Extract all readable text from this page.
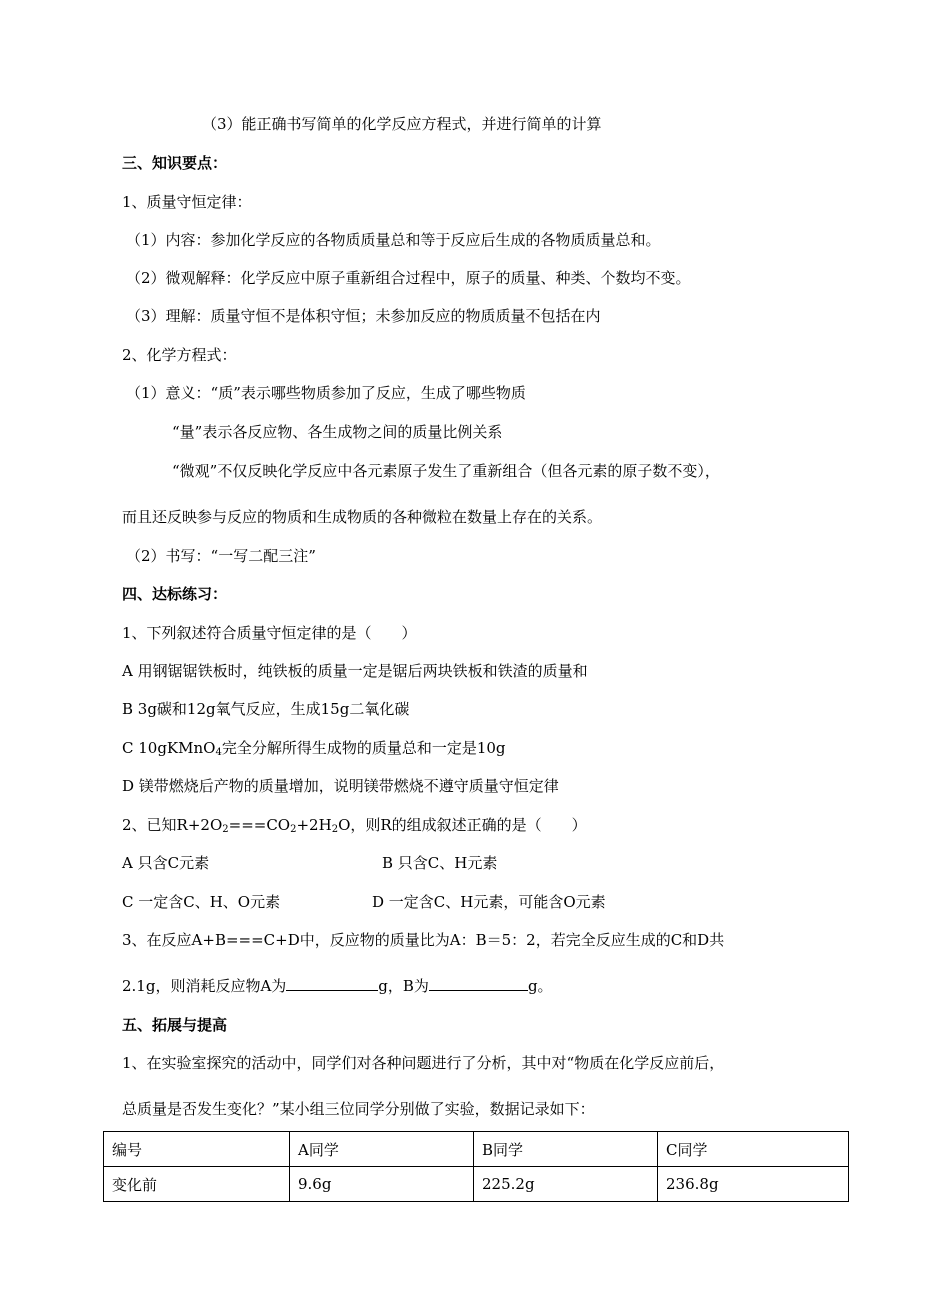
（3）能正确书写简单的化学反应方程式，并进行简单的计算

三、知识要点：

1、质量守恒定律：

（1）内容：参加化学反应的各物质质量总和等于反应后生成的各物质质量总和。

（2）微观解释：化学反应中原子重新组合过程中，原子的质量、种类、个数均不变。

（3）理解：质量守恒不是体积守恒；未参加反应的物质质量不包括在内

2、化学方程式：

（1）意义：“质”表示哪些物质参加了反应，生成了哪些物质

“量”表示各反应物、各生成物之间的质量比例关系

“微观”不仅反映化学反应中各元素原子发生了重新组合（但各元素的原子数不变），

而且还反映参与反应的物质和生成物质的各种微粒在数量上存在的关系。

（2）书写：“一写二配三注”

四、达标练习：

1、下列叙述符合质量守恒定律的是（　　）

A 用钢锯锯铁板时，纯铁板的质量一定是锯后两块铁板和铁渣的质量和

B 3g碳和12g氧气反应，生成15g二氧化碳

C 10gKMnO$_4$完全分解所得生成物的质量总和一定是10g

D 镁带燃烧后产物的质量增加，说明镁带燃烧不遵守质量守恒定律

2、已知$R+2O_2===CO_2+2H_2O$，则R的组成叙述正确的是（　　）

A 只含C元素	B 只含C、H元素

C 一定含C、H、O元素	D 一定含C、H元素，可能含O元素

3、在反应A+B===C+D中，反应物的质量比为A：B＝5：2，若完全反应生成的C和D共

2.1g，则消耗反应物A为	g，B为	g。

五、拓展与提高

1、在实验室探究的活动中，同学们对各种问题进行了分析，其中对“物质在化学反应前后，

总质量是否发生变化？”某小组三位同学分别做了实验，数据记录如下：

编号	A同学	B同学	C同学
变化前	9.6g	225.2g	236.8g
